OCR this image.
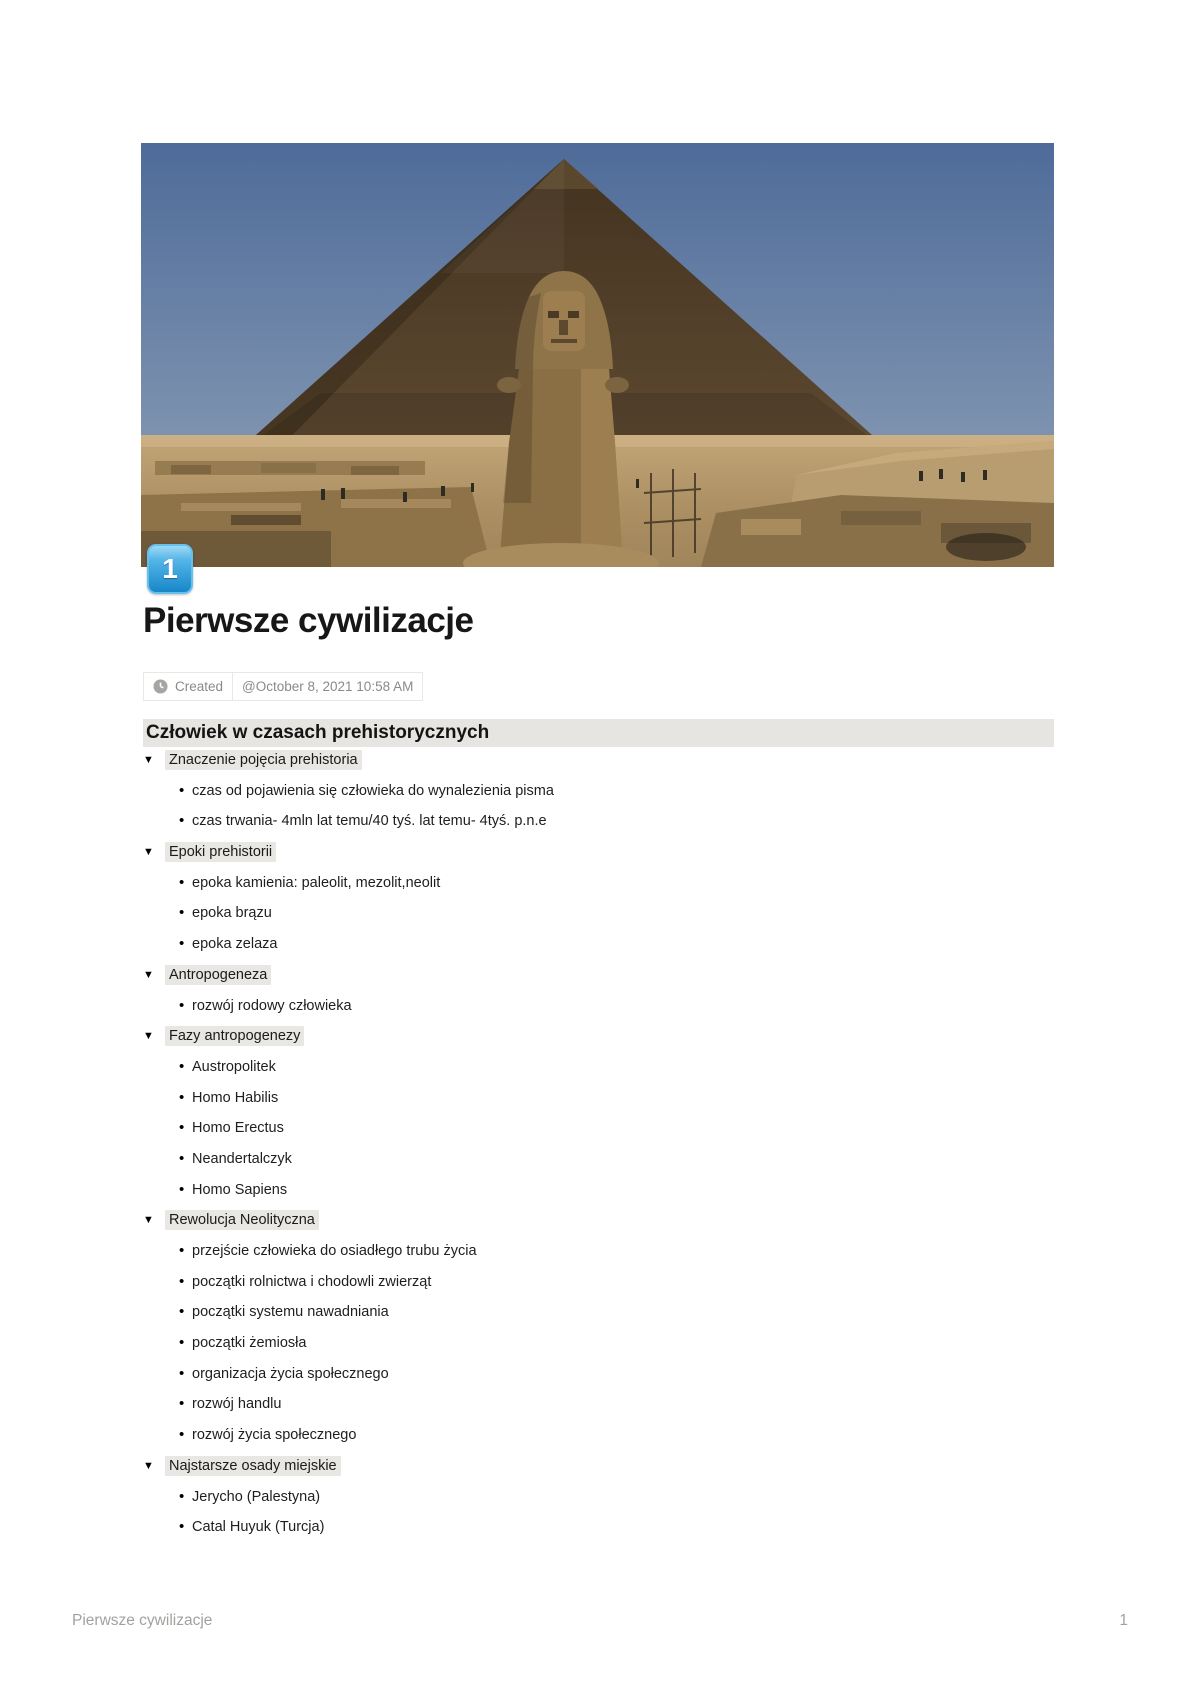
1
Pierwsze cywilizacje
Created	@October 8, 2021 10:58 AM
Człowiek w czasach prehistorycznych
▼	Znaczenie pojęcia prehistoria
• czas od pojawienia się człowieka do wynalezienia pisma
• czas trwania- 4mln lat temu/40 tyś. lat temu- 4tyś. p.n.e
▼	Epoki prehistorii
• epoka kamienia: paleolit, mezolit,neolit
• epoka brązu
• epoka zelaza
▼	Antropogeneza
• rozwój rodowy człowieka
▼	Fazy antropogenezy
• Austropolitek
• Homo Habilis
• Homo Erectus
• Neandertalczyk
• Homo Sapiens
▼	Rewolucja Neolityczna
• przejście człowieka do osiadłego trubu życia
• początki rolnictwa i chodowli zwierząt
• początki systemu nawadniania
• początki żemiosła
• organizacja życia społecznego
• rozwój handlu
• rozwój życia społecznego
▼	Najstarsze osady miejskie
• Jerycho (Palestyna)
• Catal Huyuk (Turcja)
Pierwsze cywilizacje	1
